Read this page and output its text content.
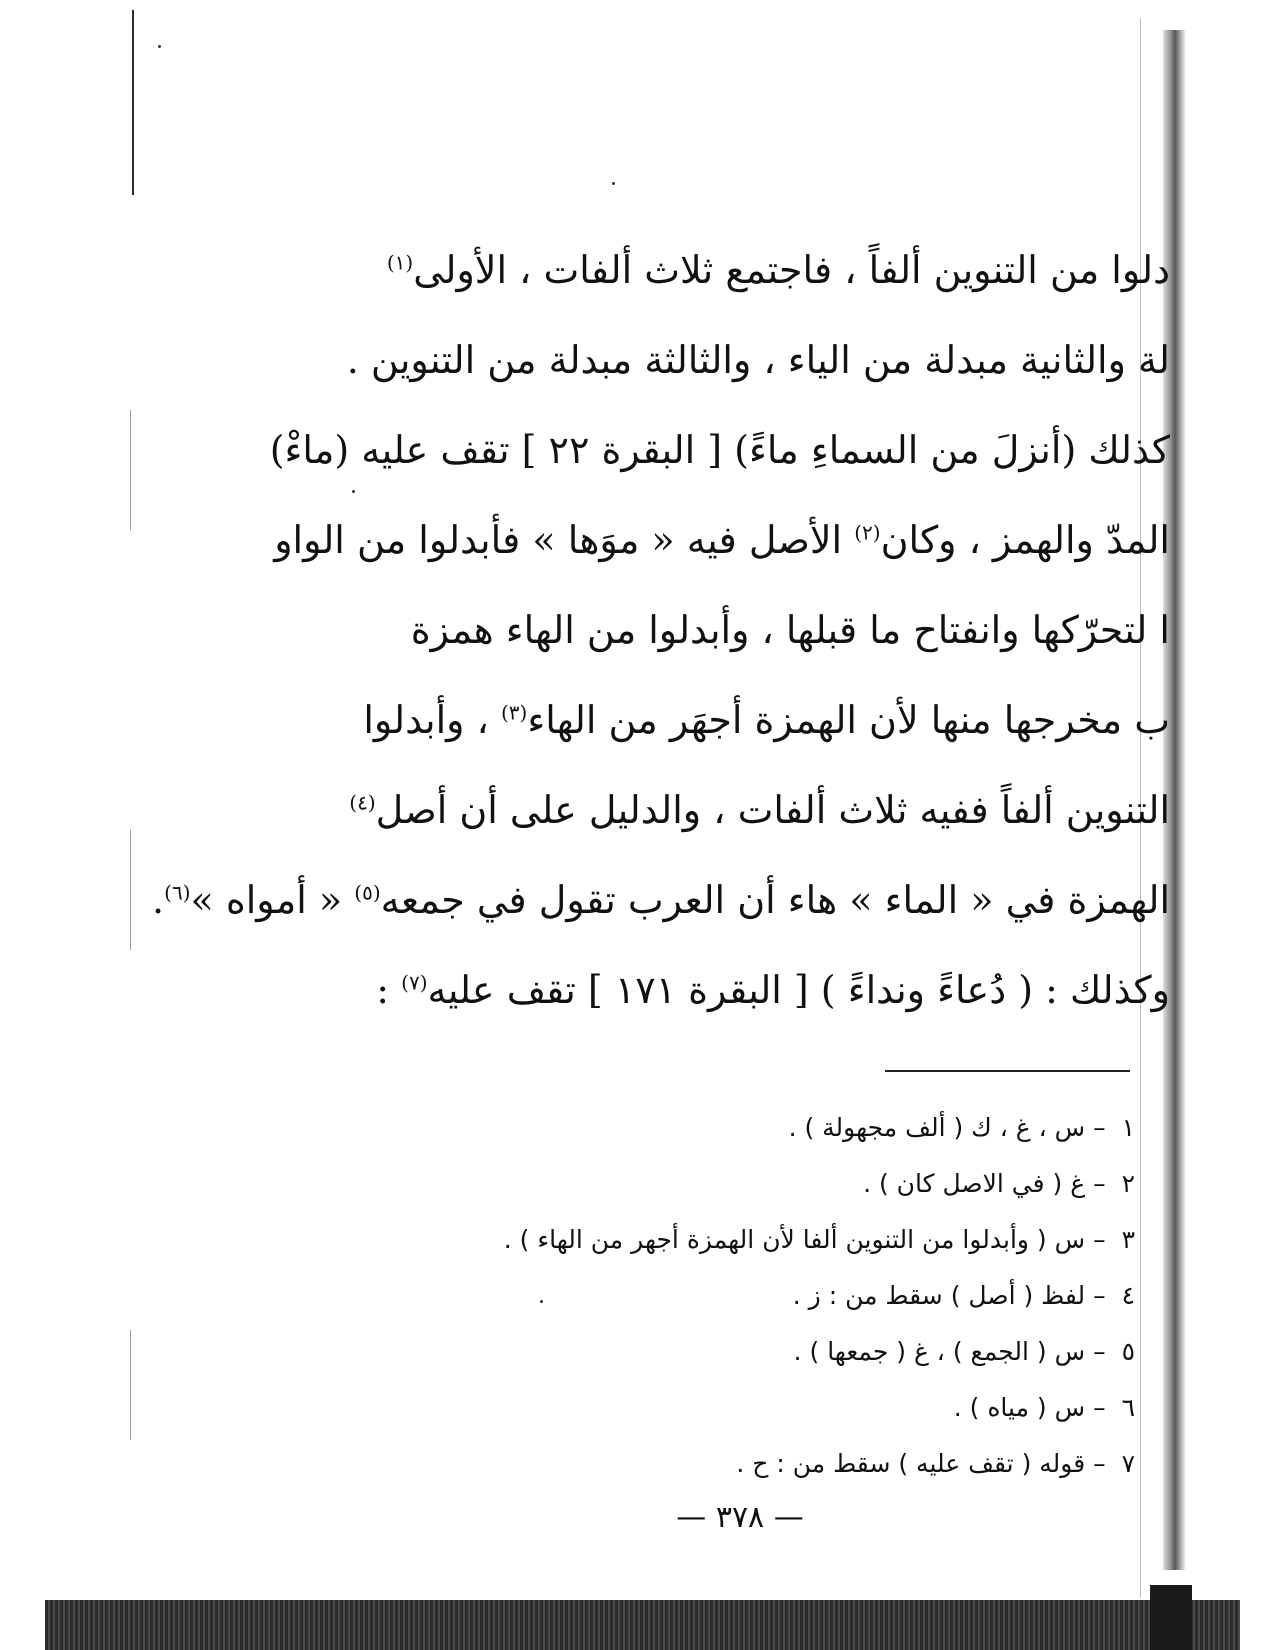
دلوا من التنوين ألفاً ، فاجتمع ثلاث ألفات ، الأولى$^{(١)}$
لة والثانية مبدلة من الياء ، والثالثة مبدلة من التنوين .
كذلك (أنزلَ من السماءِ ماءً) [ البقرة ٢٢ ] تقف عليه (ماءْ)
المدّ والهمز ، وكان$^{(٢)}$ الأصل فيه « موَها » فأبدلوا من الواو
ا لتحرّكها وانفتاح ما قبلها ، وأبدلوا من الهاء همزة
ب مخرجها منها لأن الهمزة أجهَر من الهاء$^{(٣)}$ ، وأبدلوا
التنوين ألفاً ففيه ثلاث ألفات ، والدليل على أن أصل$^{(٤)}$
الهمزة في « الماء » هاء أن العرب تقول في جمعه$^{(٥)}$ « أمواه »$^{(٦)}$.
وكذلك : ( دُعاءً ونداءً ) [ البقرة ١٧١ ] تقف عليه$^{(٧)}$ :
١ – س ، غ ، ك ( ألف مجهولة ) .
٢ – غ ( في الاصل كان ) .
٣ – س ( وأبدلوا من التنوين ألفا لأن الهمزة أجهر من الهاء ) .
٤ – لفظ ( أصل ) سقط من : ز .
٥ – س ( الجمع ) ، غ ( جمعها ) .
٦ – س ( مياه ) .
٧ – قوله ( تقف عليه ) سقط من : ح .
— ٣٧٨ —
